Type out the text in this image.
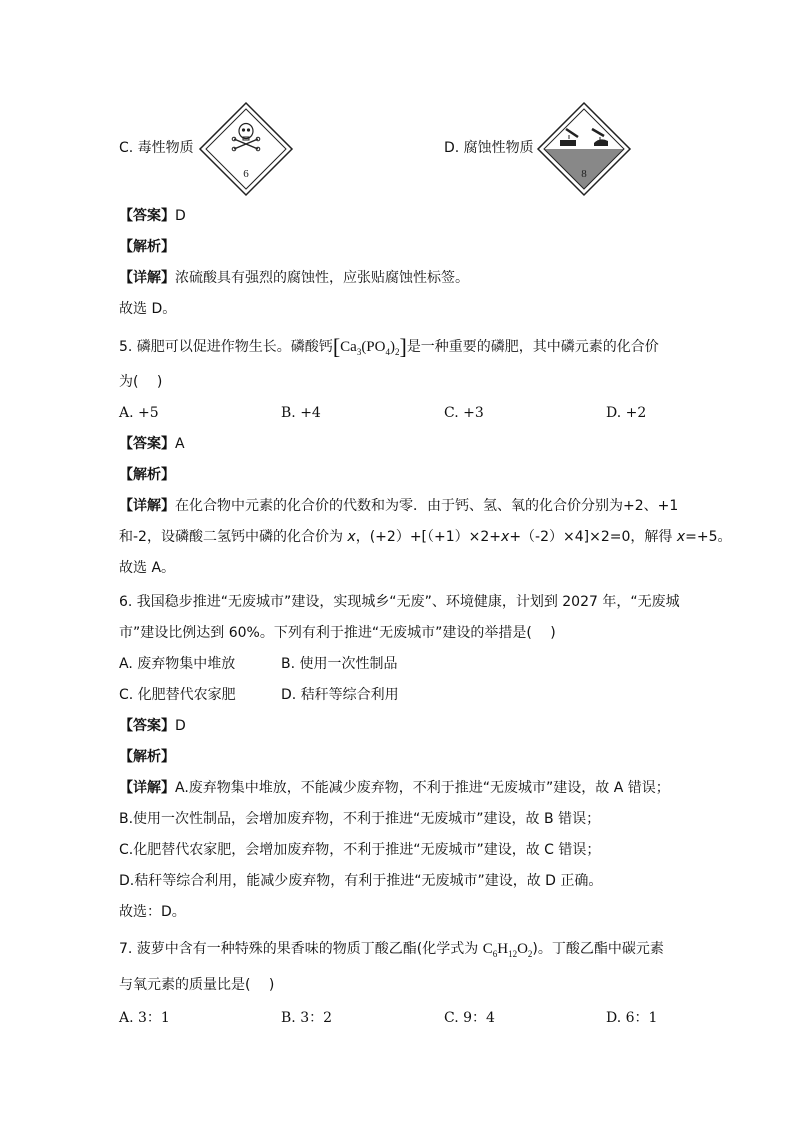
C. 毒性物质
6
D. 腐蚀性物质
8
【答案】D
【解析】
【详解】浓硫酸具有强烈的腐蚀性，应张贴腐蚀性标签。
故选 D。
5. 磷肥可以促进作物生长。磷酸钙$[Ca_3(PO_4)_2]$是一种重要的磷肥，其中磷元素的化合价
为(　 )
A. +5	B. +4	C. +3	D. +2
【答案】A
【解析】
【详解】在化合物中元素的化合价的代数和为零．由于钙、氢、氧的化合价分别为+2、+1
和-2，设磷酸二氢钙中磷的化合价为 x，(+2）+[（+1）×2+x+（-2）×4]×2=0，解得 x=+5。
故选 A。
6. 我国稳步推进“无废城市”建设，实现城乡“无废”、环境健康，计划到 2027 年，“无废城
市”建设比例达到 60%。下列有利于推进“无废城市”建设的举措是(　 )
A. 废弃物集中堆放	B. 使用一次性制品
C. 化肥替代农家肥	D. 秸秆等综合利用
【答案】D
【解析】
【详解】A.废弃物集中堆放，不能减少废弃物，不利于推进“无废城市”建设，故 A 错误；
B.使用一次性制品，会增加废弃物，不利于推进“无废城市”建设，故 B 错误；
C.化肥替代农家肥，会增加废弃物，不利于推进“无废城市”建设，故 C 错误；
D.秸秆等综合利用，能减少废弃物，有利于推进“无废城市”建设，故 D 正确。
故选：D。
7. 菠萝中含有一种特殊的果香味的物质丁酸乙酯(化学式为 $C_6H_{12}O_2$)。丁酸乙酯中碳元素
与氧元素的质量比是(　 )
A. 3：1	B. 3：2	C. 9：4	D. 6：1
